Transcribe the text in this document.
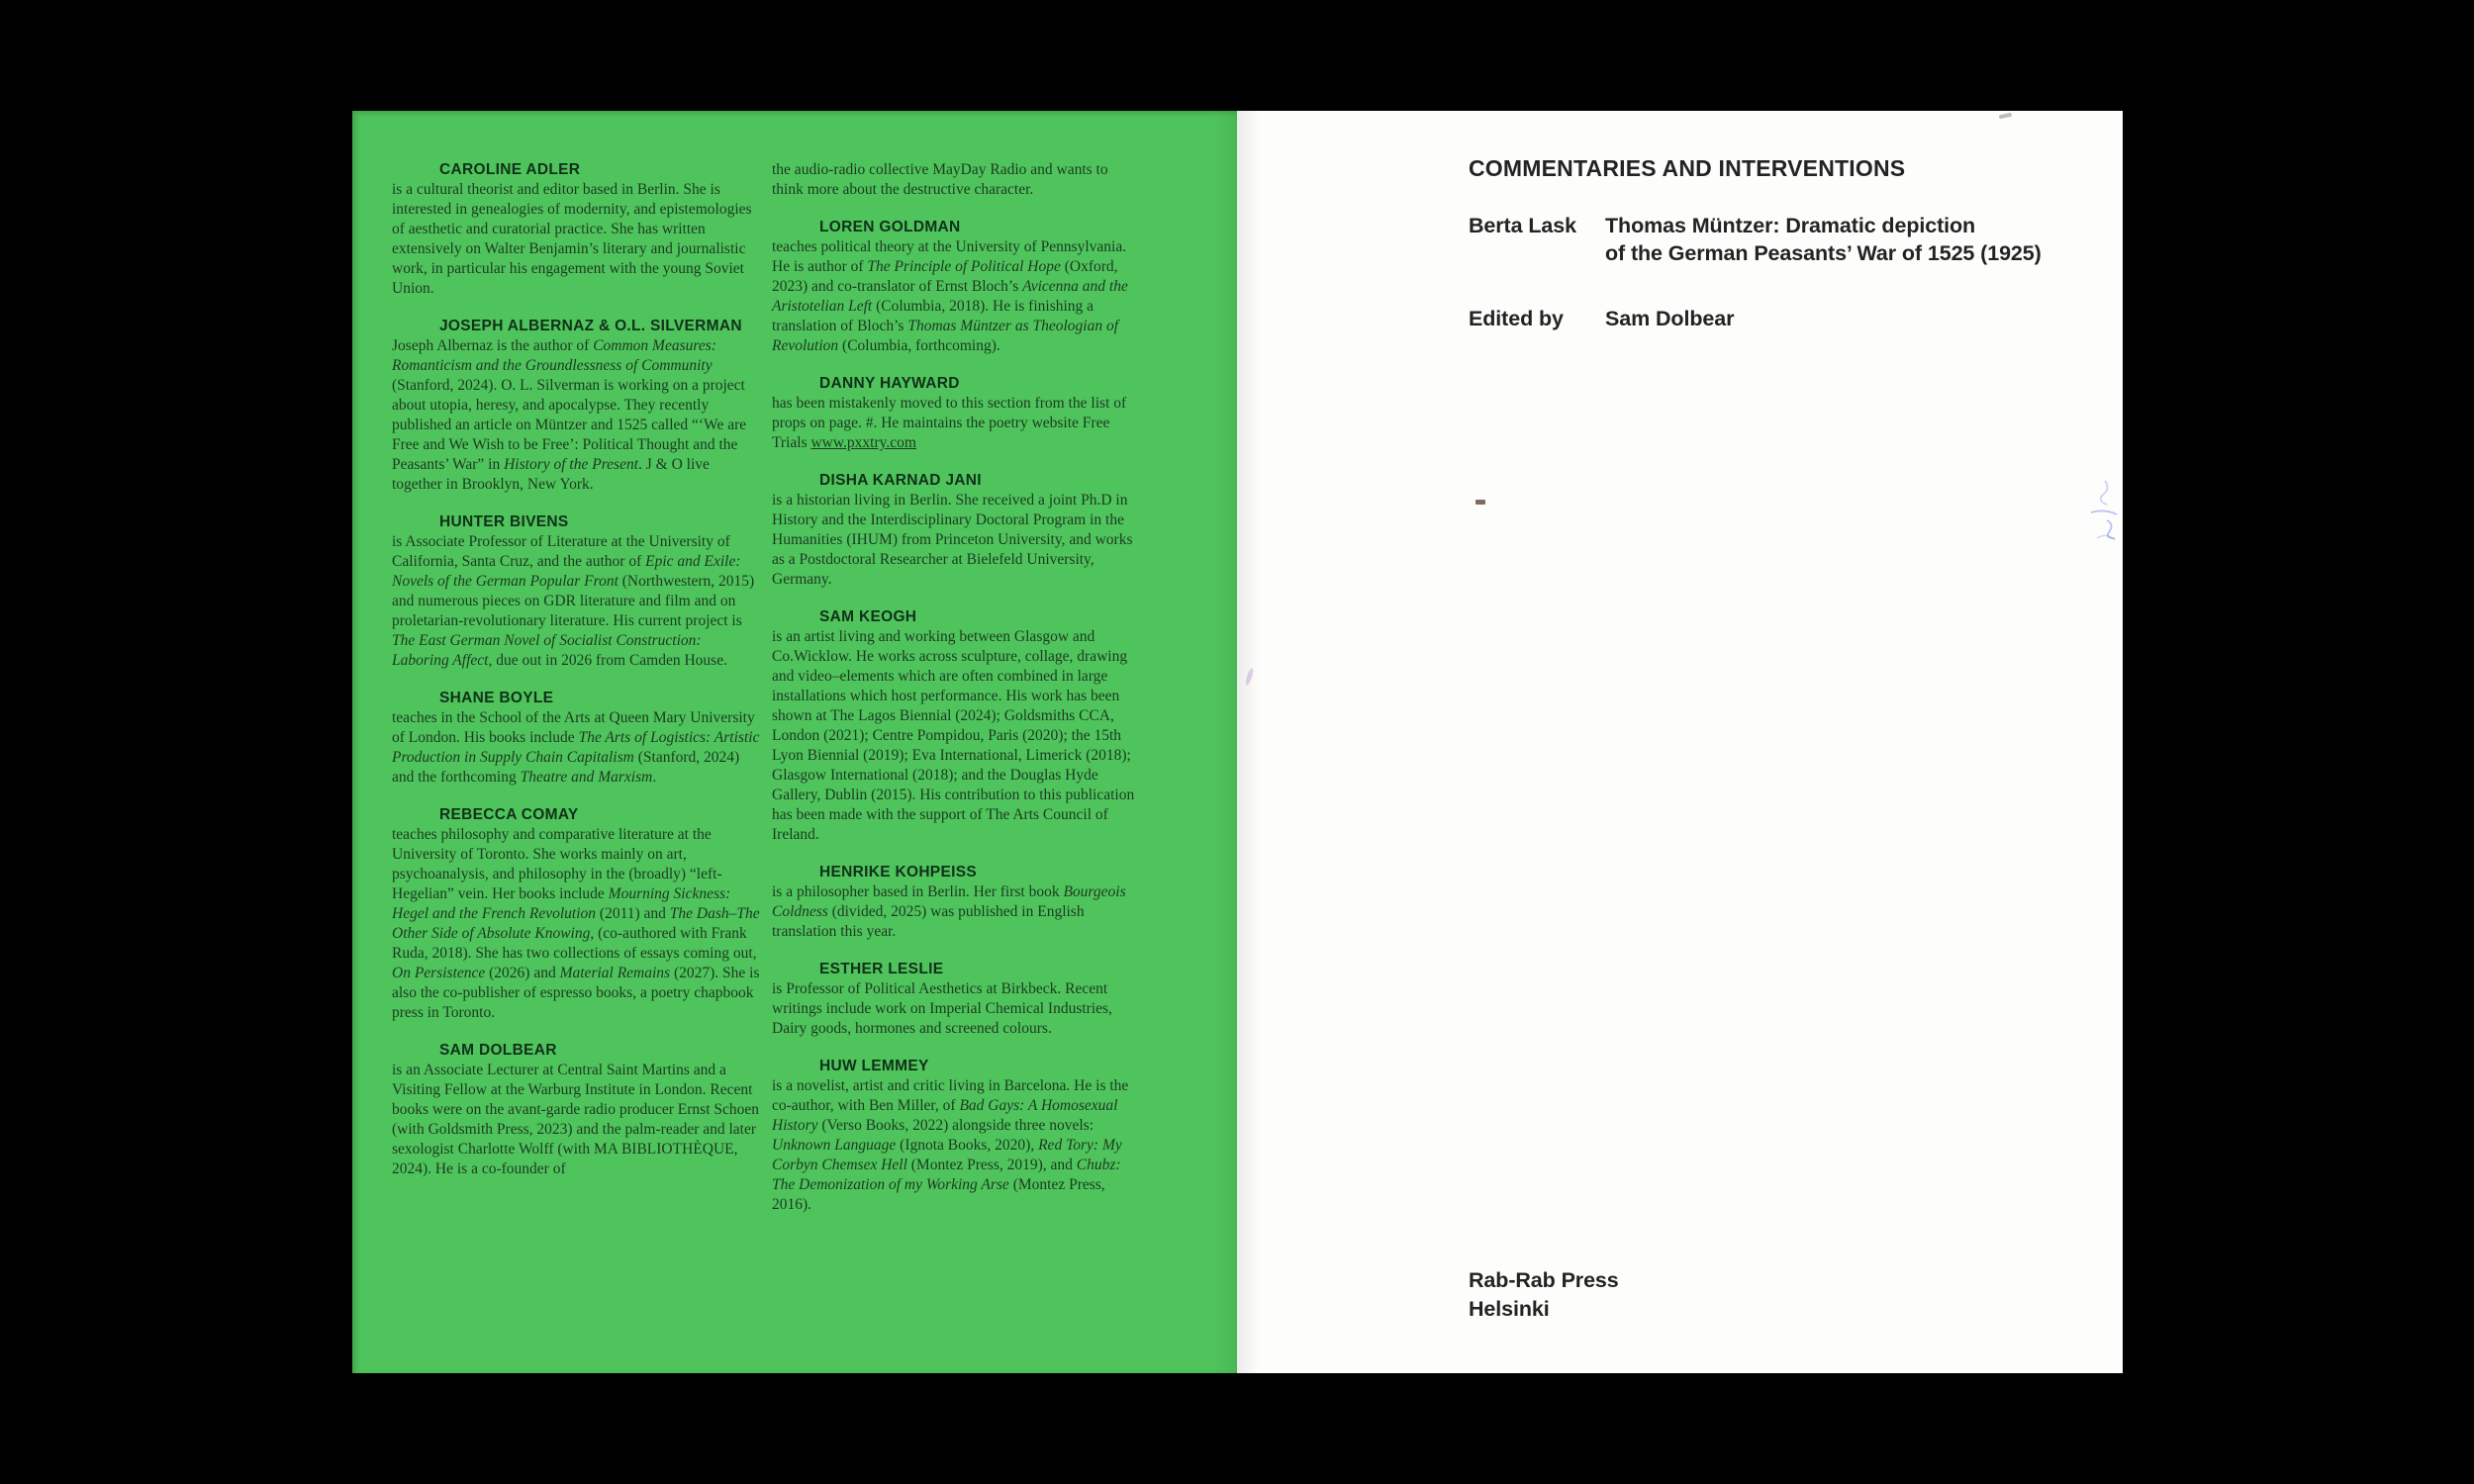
CAROLINE ADLER

is a cultural theorist and editor based in Berlin. She is interested in genealogies of modernity, and epistemologies of aesthetic and curatorial practice. She has written extensively on Walter Benjamin’s literary and journalistic work, in particular his engagement with the young Soviet Union.

JOSEPH ALBERNAZ & O.L. SILVERMAN

Joseph Albernaz is the author of Common Measures: Romanticism and the Groundlessness of Community (Stanford, 2024). O. L. Silverman is working on a project about utopia, heresy, and apocalypse. They recently published an article on Müntzer and 1525 called “‘We are Free and We Wish to be Free’: Political Thought and the Peasants’ War” in History of the Present. J & O live together in Brooklyn, New York.

HUNTER BIVENS

is Associate Professor of Literature at the University of California, Santa Cruz, and the author of Epic and Exile: Novels of the German Popular Front (Northwestern, 2015) and numerous pieces on GDR literature and film and on proletarian-revolutionary literature. His current project is The East German Novel of Socialist Construction: Laboring Affect, due out in 2026 from Camden House.

SHANE BOYLE

teaches in the School of the Arts at Queen Mary University of London. His books include The Arts of Logistics: Artistic Production in Supply Chain Capitalism (Stanford, 2024) and the forthcoming Theatre and Marxism.

REBECCA COMAY

teaches philosophy and comparative literature at the University of Toronto. She works mainly on art, psychoanalysis, and philosophy in the (broadly) “left-Hegelian” vein. Her books include Mourning Sickness: Hegel and the French Revolution (2011) and The Dash–The Other Side of Absolute Knowing, (co-authored with Frank Ruda, 2018). She has two collections of essays coming out, On Persistence (2026) and Material Remains (2027). She is also the co-publisher of espresso books, a poetry chapbook press in Toronto.

SAM DOLBEAR

is an Associate Lecturer at Central Saint Martins and a Visiting Fellow at the Warburg Institute in London. Recent books were on the avant-garde radio producer Ernst Schoen (with Goldsmith Press, 2023) and the palm-reader and later sexologist Charlotte Wolff (with MA BIBLIOTHÈQUE, 2024). He is a co-founder of

the audio-radio collective MayDay Radio and wants to think more about the destructive character.

LOREN GOLDMAN

teaches political theory at the University of Pennsylvania. He is author of The Principle of Political Hope (Oxford, 2023) and co-translator of Ernst Bloch’s Avicenna and the Aristotelian Left (Columbia, 2018). He is finishing a translation of Bloch’s Thomas Müntzer as Theologian of Revolution (Columbia, forthcoming).

DANNY HAYWARD

has been mistakenly moved to this section from the list of props on page. #. He maintains the poetry website Free Trials www.pxxtry.com

DISHA KARNAD JANI

is a historian living in Berlin. She received a joint Ph.D in History and the Interdisciplinary Doctoral Program in the Humanities (IHUM) from Princeton University, and works as a Postdoctoral Researcher at Bielefeld University, Germany.

SAM KEOGH

is an artist living and working between Glasgow and Co.Wicklow. He works across sculpture, collage, drawing and video–elements which are often combined in large installations which host performance. His work has been shown at The Lagos Biennial (2024); Goldsmiths CCA, London (2021); Centre Pompidou, Paris (2020); the 15th Lyon Biennial (2019); Eva International, Limerick (2018); Glasgow International (2018); and the Douglas Hyde Gallery, Dublin (2015). His contribution to this publication has been made with the support of The Arts Council of Ireland.

HENRIKE KOHPEISS

is a philosopher based in Berlin. Her first book Bourgeois Coldness (divided, 2025) was published in English translation this year.

ESTHER LESLIE

is Professor of Political Aesthetics at Birkbeck. Recent writings include work on Imperial Chemical Industries, Dairy goods, hormones and screened colours.

HUW LEMMEY

is a novelist, artist and critic living in Barcelona. He is the co-author, with Ben Miller, of Bad Gays: A Homosexual History (Verso Books, 2022) alongside three novels: Unknown Language (Ignota Books, 2020), Red Tory: My Corbyn Chemsex Hell (Montez Press, 2019), and Chubz: The Demonization of my Working Arse (Montez Press, 2016).

COMMENTARIES AND INTERVENTIONS
Berta Lask Thomas Müntzer: Dramatic depiction
of the German Peasants’ War of 1525 (1925)
Edited by Sam Dolbear
Rab-Rab Press
Helsinki
